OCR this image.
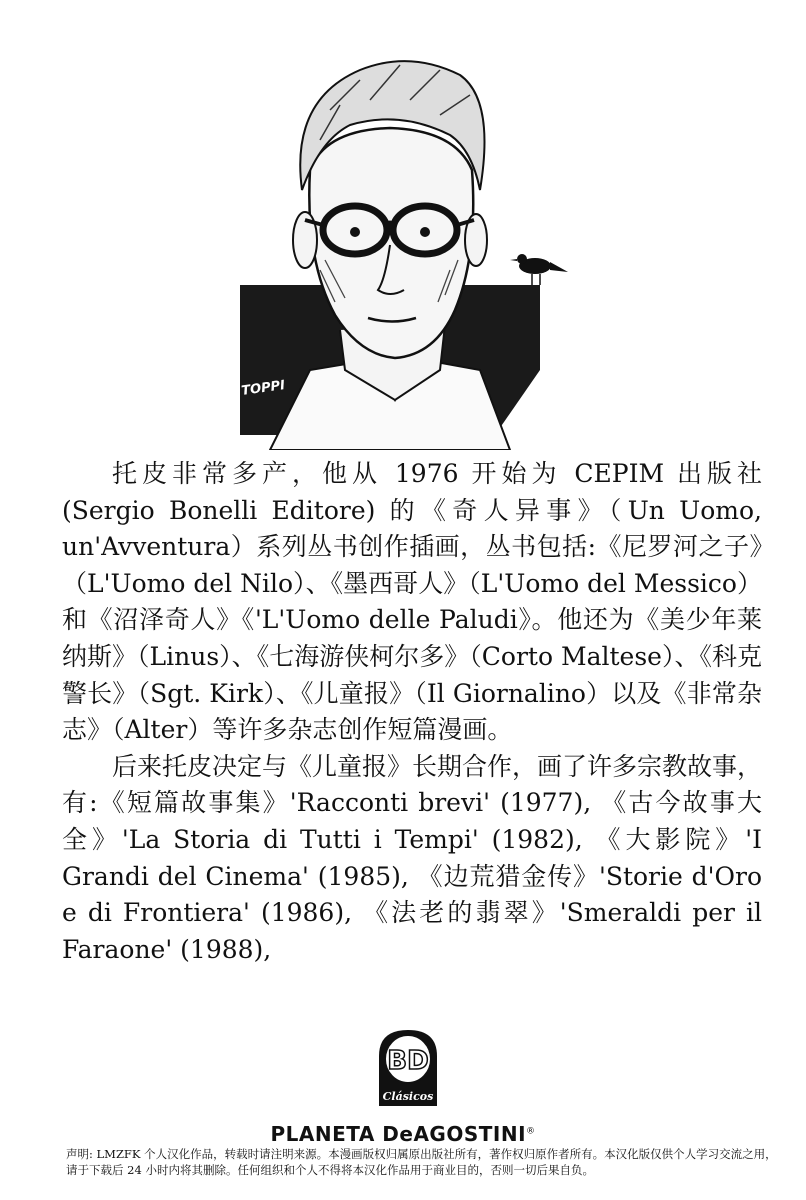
TOPPI

托皮非常多产，他从 1976 开始为 CEPIM 出版社 (Sergio Bonelli Editore) 的《奇人异事》（Un Uomo, un'Avventura）系列丛书创作插画，丛书包括:《尼罗河之子》（L'Uomo del Nilo）、《墨西哥人》（L'Uomo del Messico）和《沼泽奇人》《'L'Uomo delle Paludi》。他还为《美少年莱纳斯》（Linus）、《七海游侠柯尔多》（Corto Maltese）、《科克警长》（Sgt. Kirk）、《儿童报》（Il Giornalino）以及《非常杂志》（Alter）等许多杂志创作短篇漫画。

后来托皮决定与《儿童报》长期合作，画了许多宗教故事，有:《短篇故事集》'Racconti brevi' (1977), 《古今故事大全》'La Storia di Tutti i Tempi' (1982), 《大影院》'I Grandi del Cinema' (1985), 《边荒猎金传》'Storie d'Oro e di Frontiera' (1986), 《法老的翡翠》'Smeraldi per il Faraone' (1988),

BD
Clásicos
PLANETA DeAGOSTINI®
声明: LMZFK 个人汉化作品，转载时请注明来源。本漫画版权归属原出版社所有，著作权归原作者所有。本汉化版仅供个人学习交流之用，请于下载后 24 小时内将其删除。任何组织和个人不得将本汉化作品用于商业目的，否则一切后果自负。
